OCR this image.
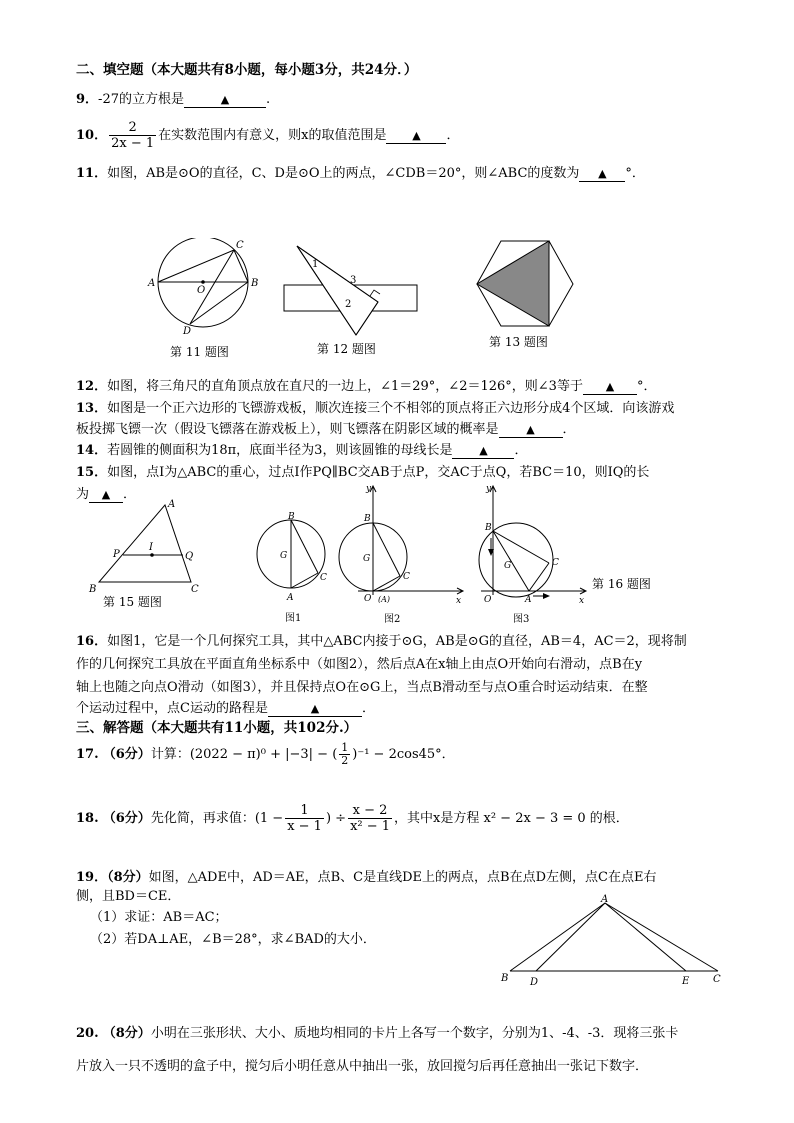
二、填空题（本大题共有8小题，每小题3分，共24分．）
9．-27的立方根是	▲	.
10． $\frac{2}{2x - 1}$ 在实数范围内有意义，则x的取值范围是 ▲ ．
11．如图，AB是⊙O的直径，C、D是⊙O上的两点，∠CDB＝20°，则∠ABC的度数为 ▲ °．
A	B
C
D
O
第 11 题图
1
2
3
第 12 题图	第 13 题图
12．如图，将三角尺的直角顶点放在直尺的一边上，∠1＝29°，∠2＝126°，则∠3等于 ▲ °．
13．如图是一个正六边形的飞镖游戏板，顺次连接三个不相邻的顶点将正六边形分成4个区域．向该游戏
板投掷飞镖一次（假设飞镖落在游戏板上），则飞镖落在阴影区域的概率是	▲ ．
14．若圆锥的侧面积为18π，底面半径为3，则该圆锥的母线长是 ▲ ．
15．如图，点I为△ABC的重心，过点I作PQ∥BC交AB于点P，交AC于点Q，若BC＝10，则IQ的长
为 ▲ ．
A
B	C
P	Q
I
第 15 题图
B
A
C
G
图1
y
x
B
G
C
O (A)
图2
y
x
B
G	C
O	A
图3
第 16 题图
16．如图1，它是一个几何探究工具，其中△ABC内接于⊙G，AB是⊙G的直径，AB＝4，AC＝2，现将制
作的几何探究工具放在平面直角坐标系中（如图2），然后点A在x轴上由点O开始向右滑动，点B在y
轴上也随之向点O滑动（如图3），并且保持点O在⊙G上，当点B滑动至与点O重合时运动结束．在整
个运动过程中，点C运动的路程是	▲	．
三、解答题（本大题共有11小题，共102分.）
17. （6分）计算：(2022 − π)⁰ + |−3| − ( $\frac{1}{2} )^{-1} - 2\cos 45^\circ$．
18. （6分）先化简，再求值：($1 - \frac{1}{x - 1}$ ) ÷ $\frac{x - 2}{\text{x² − 1}}$ ，其中x是方程 x² − 2x − 3 = 0 的根．
19．（8分）如图，△ADE中，AD＝AE，点B、C是直线DE上的两点，点B在点D左侧，点C在点E右
侧，且BD＝CE．
（1）求证：AB＝AC；
（2）若DA⊥AE，∠B＝28°，求∠BAD的大小．
A
B D	E C
20. （8分）小明在三张形状、大小、质地均相同的卡片上各写一个数字，分别为1、-4、-3．现将三张卡
片放入一只不透明的盒子中，搅匀后小明任意从中抽出一张，放回搅匀后再任意抽出一张记下数字．
